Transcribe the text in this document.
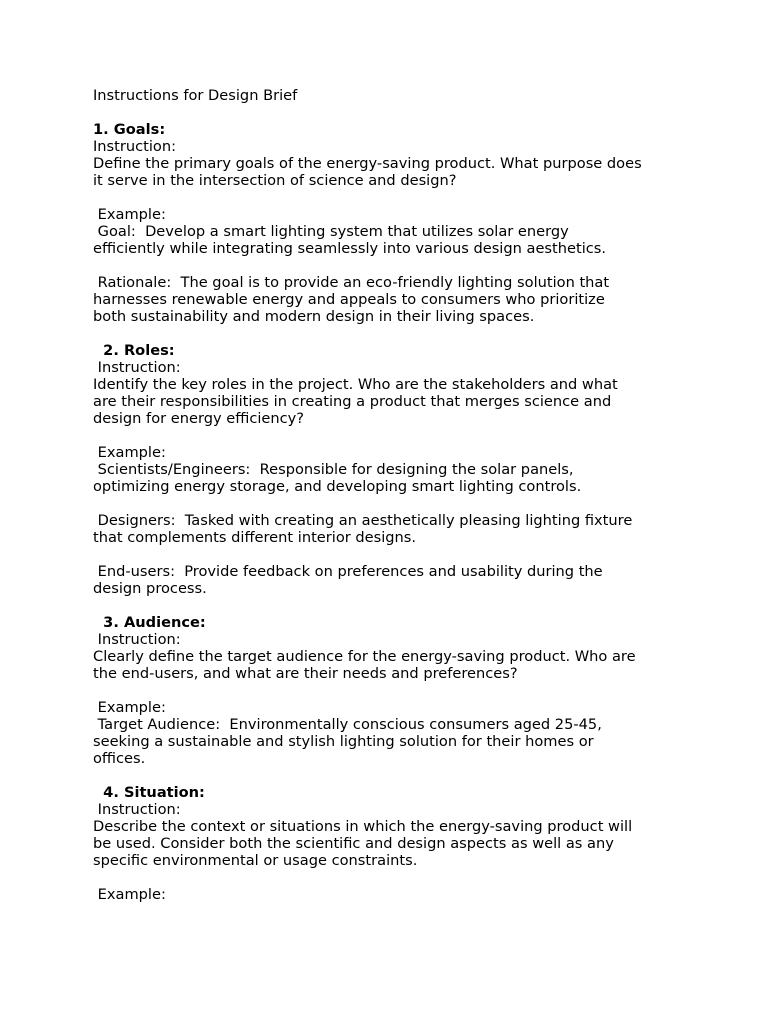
Instructions for Design Brief
1. Goals:
Instruction:
Define the primary goals of the energy-saving product. What purpose does
it serve in the intersection of science and design?
Example:
Goal:  Develop a smart lighting system that utilizes solar energy
efficiently while integrating seamlessly into various design aesthetics.
Rationale:  The goal is to provide an eco-friendly lighting solution that
harnesses renewable energy and appeals to consumers who prioritize
both sustainability and modern design in their living spaces.
2. Roles:
Instruction:
Identify the key roles in the project. Who are the stakeholders and what
are their responsibilities in creating a product that merges science and
design for energy efficiency?
Example:
Scientists/Engineers:  Responsible for designing the solar panels,
optimizing energy storage, and developing smart lighting controls.
Designers:  Tasked with creating an aesthetically pleasing lighting fixture
that complements different interior designs.
End-users:  Provide feedback on preferences and usability during the
design process.
3. Audience:
Instruction:
Clearly define the target audience for the energy-saving product. Who are
the end-users, and what are their needs and preferences?
Example:
Target Audience:  Environmentally conscious consumers aged 25-45,
seeking a sustainable and stylish lighting solution for their homes or
offices.
4. Situation:
Instruction:
Describe the context or situations in which the energy-saving product will
be used. Consider both the scientific and design aspects as well as any
specific environmental or usage constraints.
Example:
